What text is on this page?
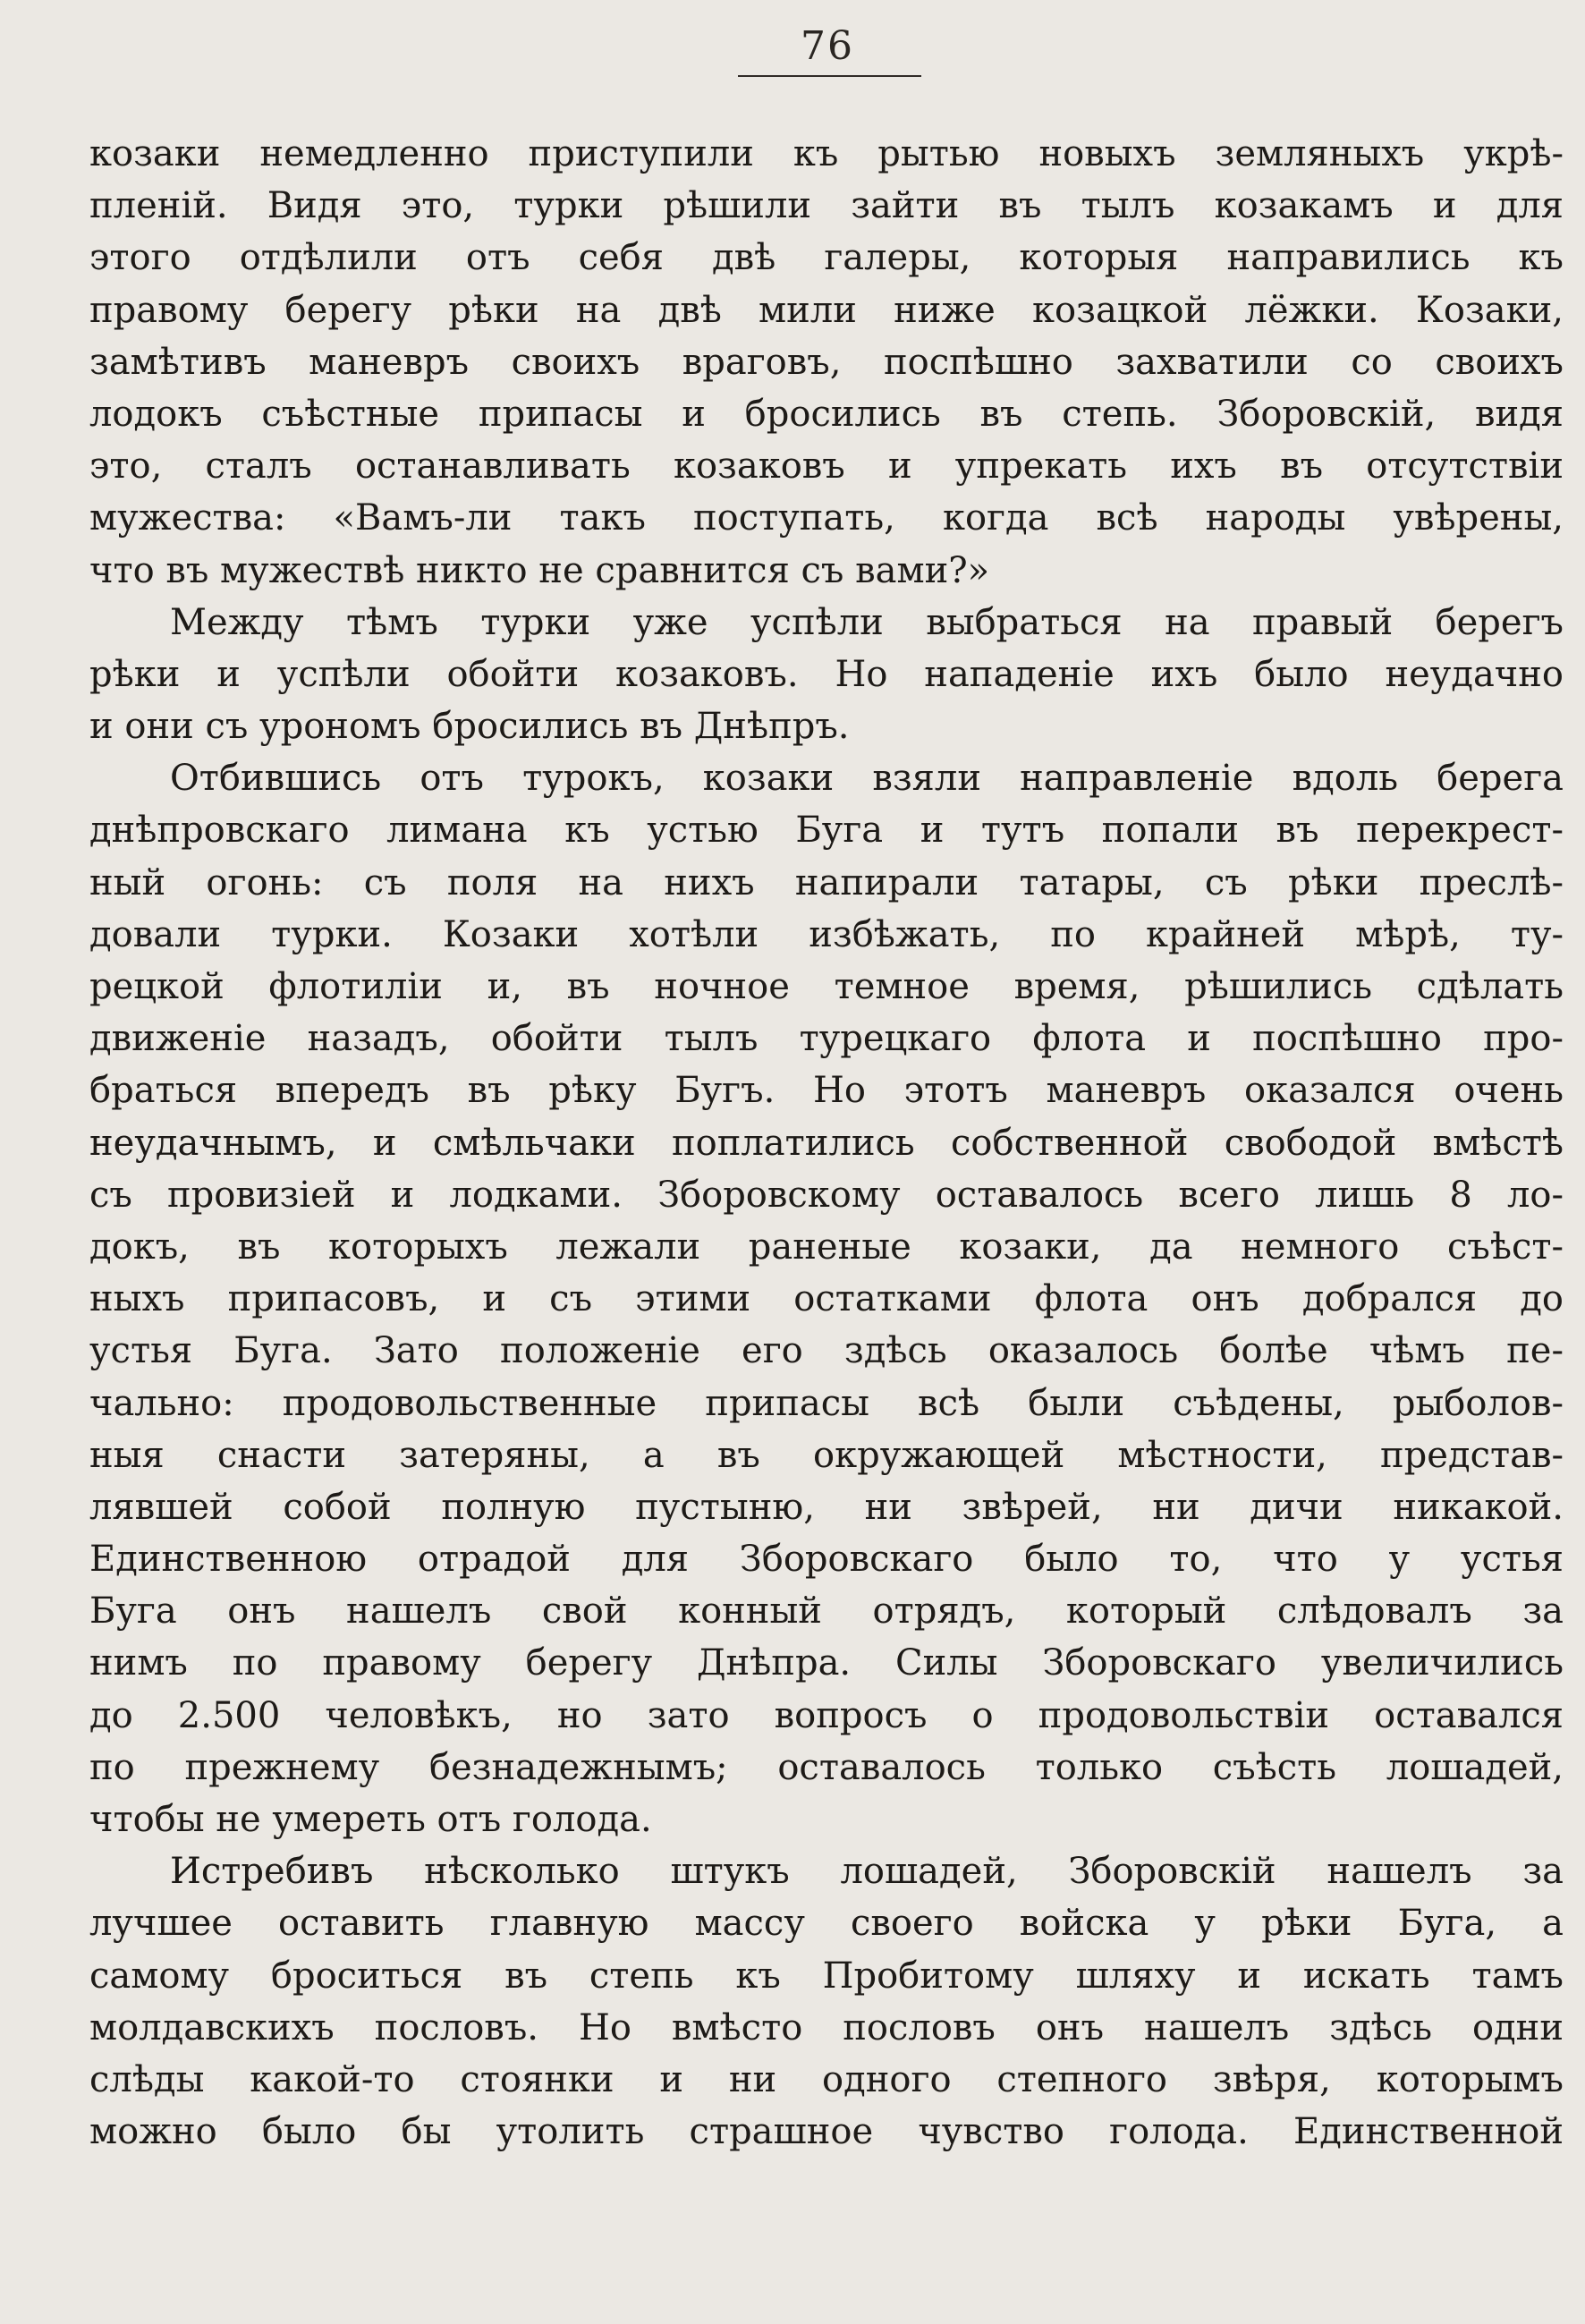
76
козаки немедленно приступили къ рытью новыхъ земляныхъ укрѣ-
пленій. Видя это, турки рѣшили зайти въ тылъ козакамъ и для
этого отдѣлили отъ себя двѣ галеры, которыя направились къ
правому берегу рѣки на двѣ мили ниже козацкой лёжки. Козаки,
замѣтивъ маневръ своихъ враговъ, поспѣшно захватили со своихъ
лодокъ съѣстные припасы и бросились въ степь. Зборовскій, видя
это, сталъ останавливать козаковъ и упрекать ихъ въ отсутствіи
мужества: «Вамъ-ли такъ поступать, когда всѣ народы увѣрены,
что въ мужествѣ никто не сравнится съ вами?»
Между тѣмъ турки уже успѣли выбраться на правый берегъ
рѣки и успѣли обойти козаковъ. Но нападеніе ихъ было неудачно
и они съ урономъ бросились въ Днѣпръ.
Отбившись отъ турокъ, козаки взяли направленіе вдоль берега
днѣпровскаго лимана къ устью Буга и тутъ попали въ перекрест-
ный огонь: съ поля на нихъ напирали татары, съ рѣки преслѣ-
довали турки. Козаки хотѣли избѣжать, по крайней мѣрѣ, ту-
рецкой флотиліи и, въ ночное темное время, рѣшились сдѣлать
движеніе назадъ, обойти тылъ турецкаго флота и поспѣшно про-
браться впередъ въ рѣку Бугъ. Но этотъ маневръ оказался очень
неудачнымъ, и смѣльчаки поплатились собственной свободой вмѣстѣ
съ провизіей и лодками. Зборовскому оставалось всего лишь 8 ло-
докъ, въ которыхъ лежали раненые козаки, да немного съѣст-
ныхъ припасовъ, и съ этими остатками флота онъ добрался до
устья Буга. Зато положеніе его здѣсь оказалось болѣе чѣмъ пе-
чально: продовольственные припасы всѣ были съѣдены, рыболов-
ныя снасти затеряны, а въ окружающей мѣстности, представ-
лявшей собой полную пустыню, ни звѣрей, ни дичи никакой.
Единственною отрадой для Зборовскаго было то, что у устья
Буга онъ нашелъ свой конный отрядъ, который слѣдовалъ за
нимъ по правому берегу Днѣпра. Силы Зборовскаго увеличились
до 2.500 человѣкъ, но зато вопросъ о продовольствіи оставался
по прежнему безнадежнымъ; оставалось только съѣсть лошадей,
чтобы не умереть отъ голода.
Истребивъ нѣсколько штукъ лошадей, Зборовскій нашелъ за
лучшее оставить главную массу своего войска у рѣки Буга, а
самому броситься въ степь къ Пробитому шляху и искать тамъ
молдавскихъ пословъ. Но вмѣсто пословъ онъ нашелъ здѣсь одни
слѣды какой-то стоянки и ни одного степного звѣря, которымъ
можно было бы утолить страшное чувство голода. Единственной
